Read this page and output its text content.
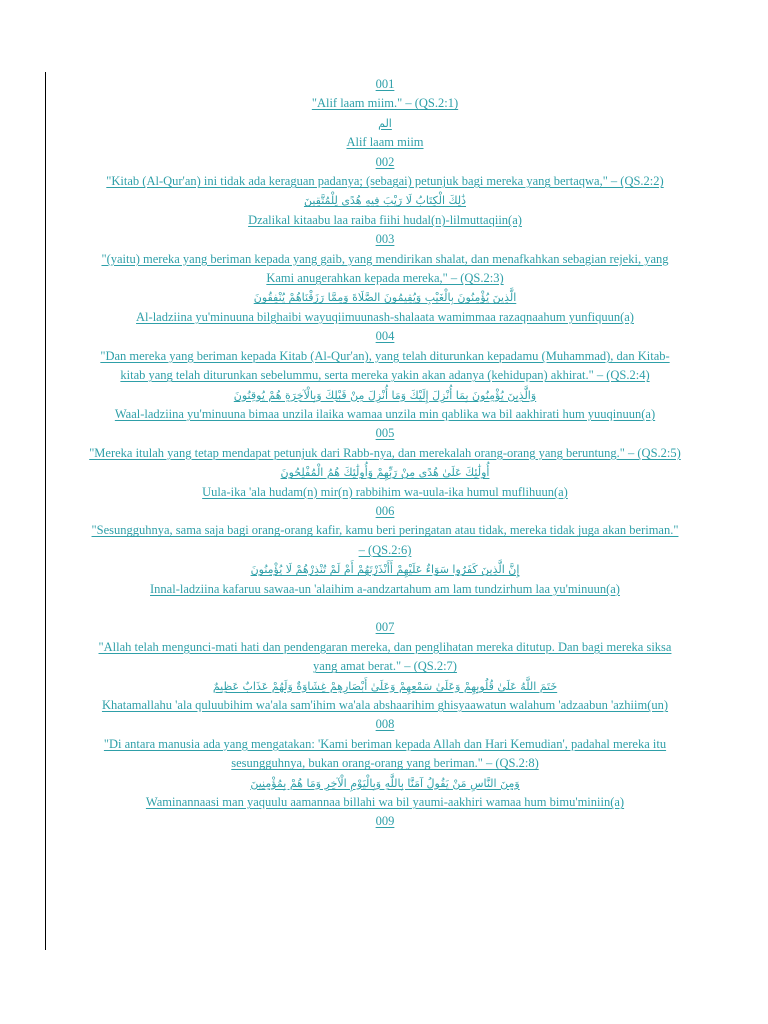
001
"Alif laam miim." – (QS.2:1)
الم
Alif laam miim
002
"Kitab (Al-Qur'an) ini tidak ada keraguan padanya; (sebagai) petunjuk bagi mereka yang bertaqwa," – (QS.2:2)
ذَٰلِكَ الْكِتَابُ لَا رَيْبَ فِيهِ هُدًى لِلْمُتَّقِينَ
Dzalikal kitaabu laa raiba fiihi hudal(n)-lilmuttaqiin(a)
003
"(yaitu) mereka yang beriman kepada yang gaib, yang mendirikan shalat, dan menafkahkan sebagian rejeki, yang Kami anugerahkan kepada mereka," – (QS.2:3)
الَّذِينَ يُؤْمِنُونَ بِالْغَيْبِ وَيُقِيمُونَ الصَّلَاةَ وَمِمَّا رَزَقْنَاهُمْ يُنْفِقُونَ
Al-ladziina yu'minuuna bilghaibi wayuqiimuunash-shalaata wamimmaa razaqnaahum yunfiquun(a)
004
"Dan mereka yang beriman kepada Kitab (Al-Qur'an), yang telah diturunkan kepadamu (Muhammad), dan Kitab-kitab yang telah diturunkan sebelummu, serta mereka yakin akan adanya (kehidupan) akhirat." – (QS.2:4)
وَالَّذِينَ يُؤْمِنُونَ بِمَا أُنْزِلَ إِلَيْكَ وَمَا أُنْزِلَ مِنْ قَبْلِكَ وَبِالْآخِرَةِ هُمْ يُوقِنُونَ
Waal-ladziina yu'minuuna bimaa unzila ilaika wamaa unzila min qablika wa bil aakhirati hum yuuqinuun(a)
005
"Mereka itulah yang tetap mendapat petunjuk dari Rabb-nya, dan merekalah orang-orang yang beruntung." – (QS.2:5)
أُولَٰئِكَ عَلَىٰ هُدًى مِنْ رَبِّهِمْ وَأُولَٰئِكَ هُمُ الْمُفْلِحُونَ
Uula-ika 'ala hudam(n) mir(n) rabbihim wa-uula-ika humul muflihuun(a)
006
"Sesungguhnya, sama saja bagi orang-orang kafir, kamu beri peringatan atau tidak, mereka tidak juga akan beriman." – (QS.2:6)
إِنَّ الَّذِينَ كَفَرُوا سَوَاءٌ عَلَيْهِمْ أَأَنْذَرْتَهُمْ أَمْ لَمْ تُنْذِرْهُمْ لَا يُؤْمِنُونَ
Innal-ladziina kafaruu sawaa-un 'alaihim a-andzartahum am lam tundzirhum laa yu'minuun(a)
007
"Allah telah mengunci-mati hati dan pendengaran mereka, dan penglihatan mereka ditutup. Dan bagi mereka siksa yang amat berat." – (QS.2:7)
خَتَمَ اللَّهُ عَلَىٰ قُلُوبِهِمْ وَعَلَىٰ سَمْعِهِمْ وَعَلَىٰ أَبْصَارِهِمْ غِشَاوَةٌ وَلَهُمْ عَذَابٌ عَظِيمٌ
Khatamallahu 'ala quluubihim wa'ala sam'ihim wa'ala abshaarihim ghisyaawatun walahum 'adzaabun 'azhiim(un)
008
"Di antara manusia ada yang mengatakan: 'Kami beriman kepada Allah dan Hari Kemudian', padahal mereka itu sesungguhnya, bukan orang-orang yang beriman." – (QS.2:8)
وَمِنَ النَّاسِ مَنْ يَقُولُ آمَنَّا بِاللَّهِ وَبِالْيَوْمِ الْآخِرِ وَمَا هُمْ بِمُؤْمِنِينَ
Waminannaasi man yaquulu aamannaa billahi wa bil yaumi-aakhiri wamaa hum bimu'miniin(a)
009
